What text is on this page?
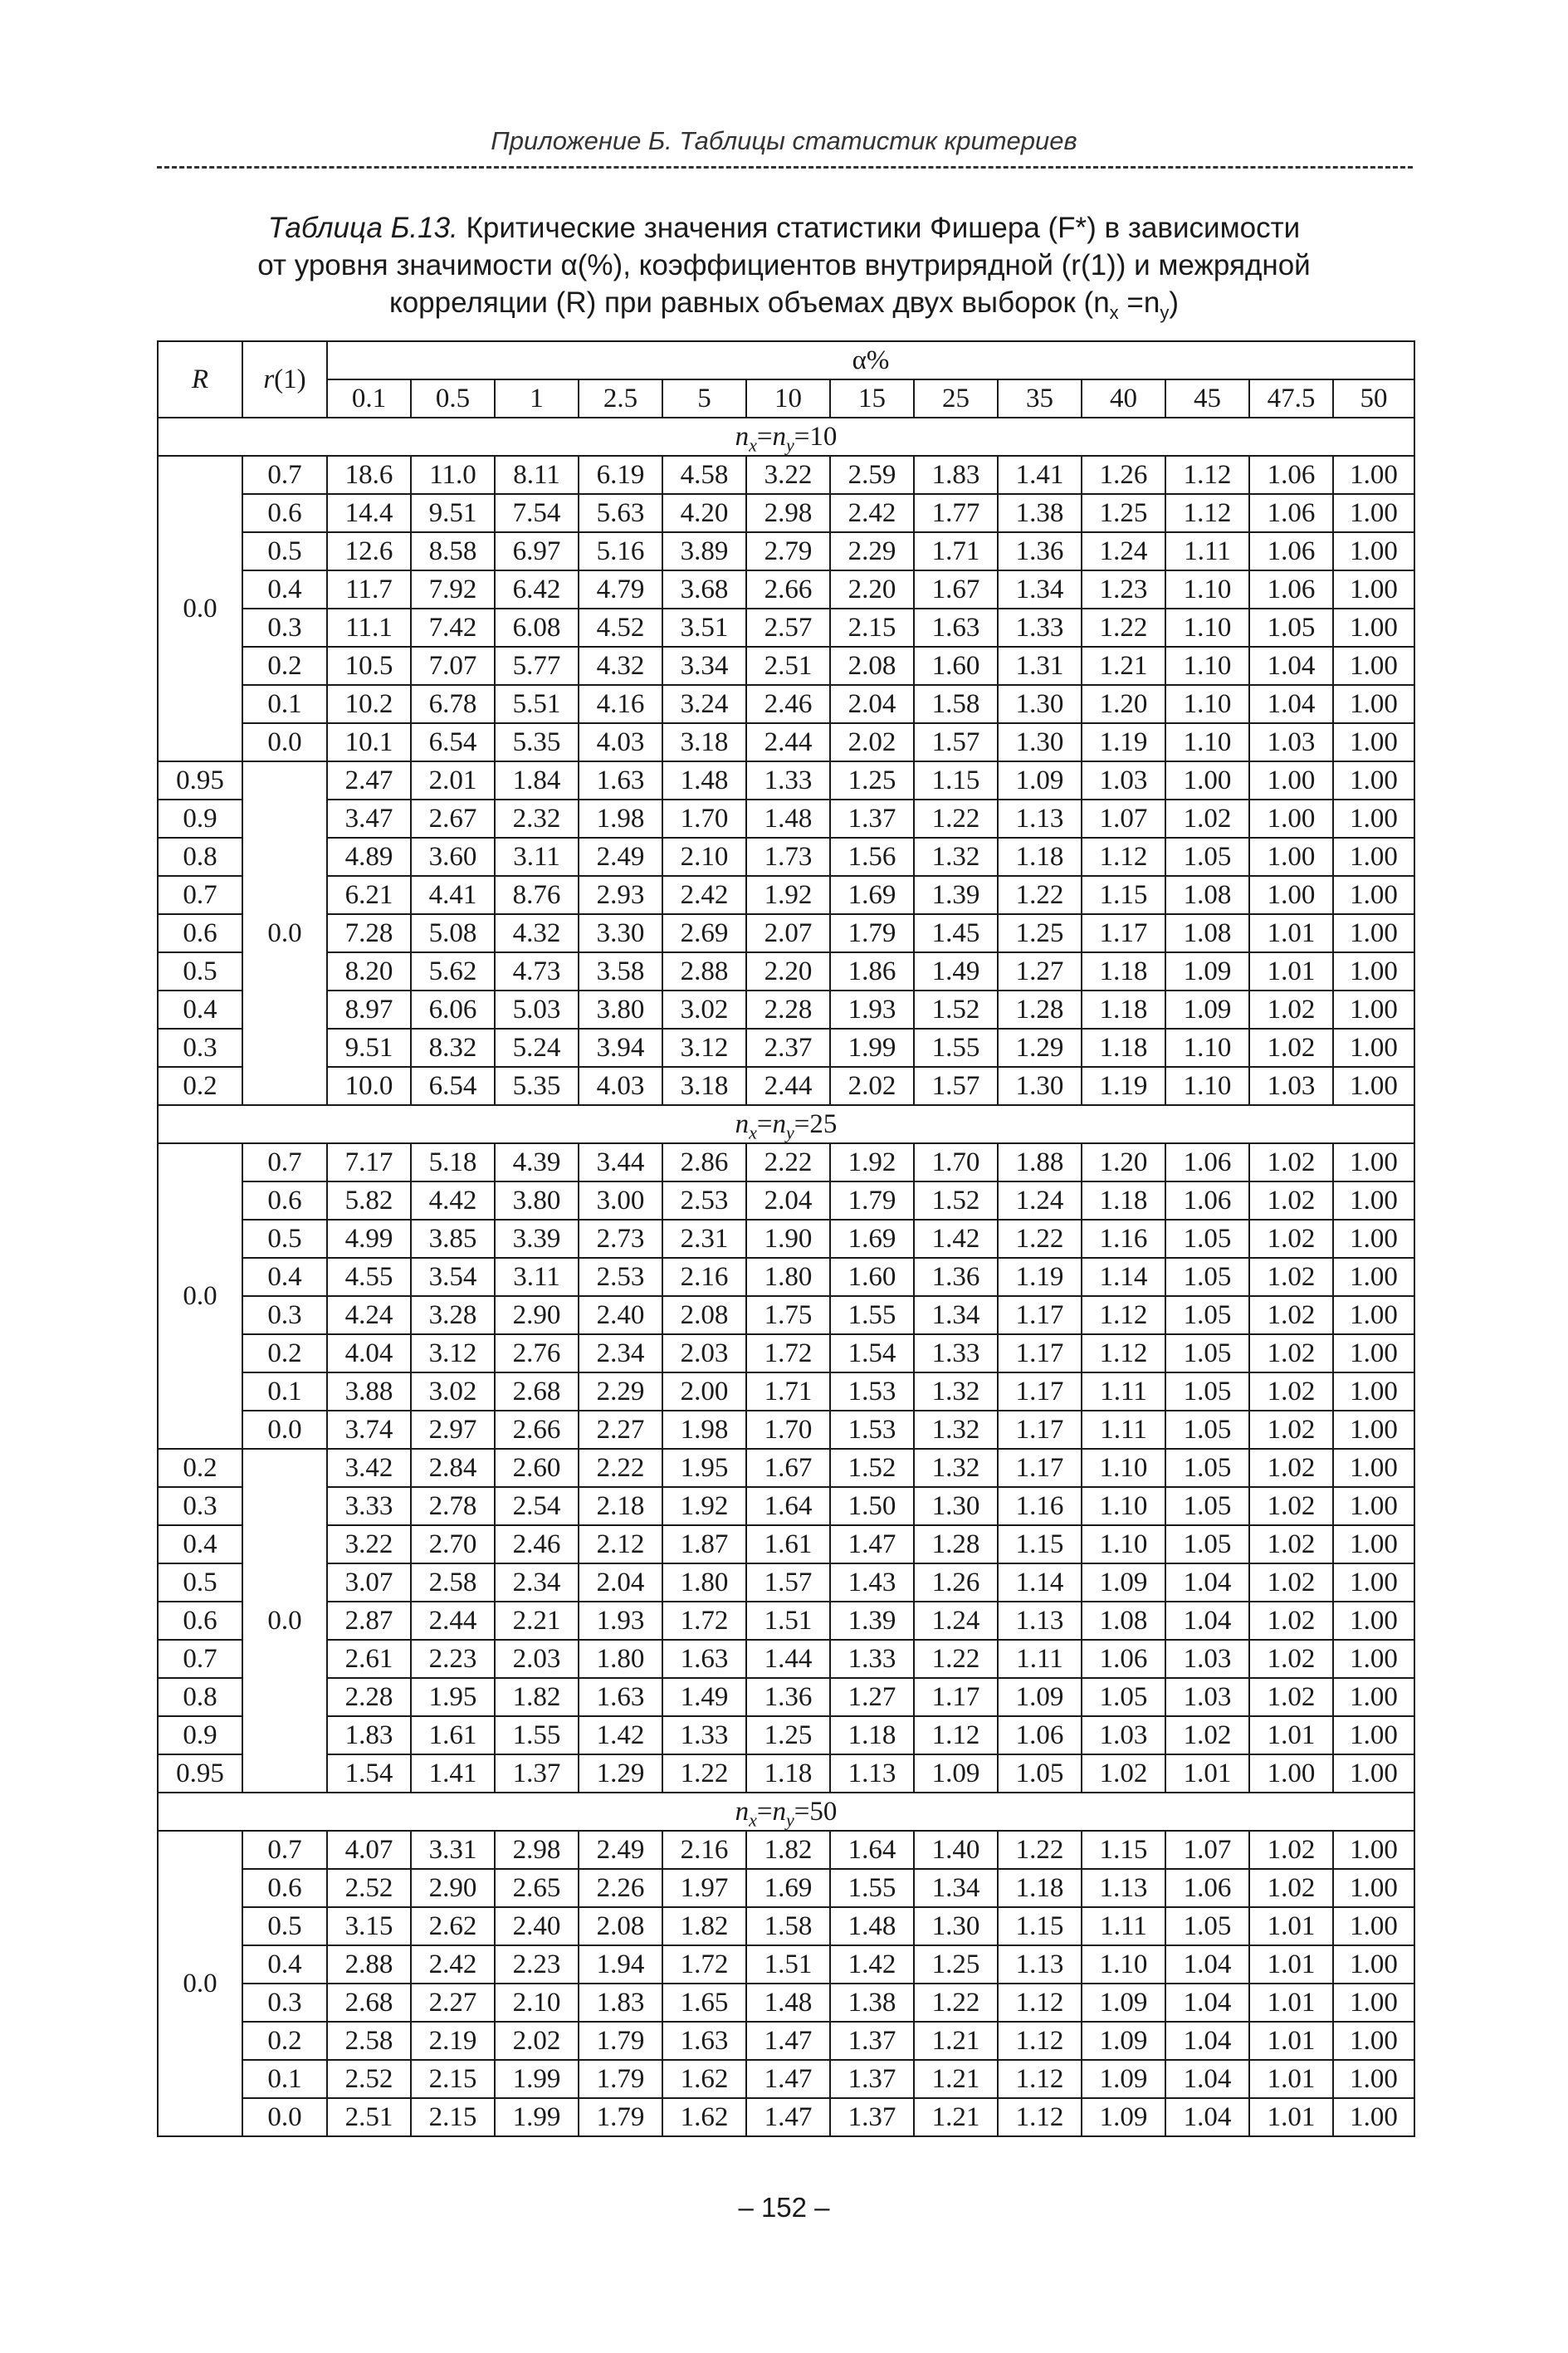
Приложение Б. Таблицы статистик критериев
Таблица Б.13. Критические значения статистики Фишера (F*) в зависимости
от уровня значимости α(%), коэффициентов внутрирядной (r(1)) и межрядной
корреляции (R) при равных объемах двух выборок $(n_x =n_y)$
R	r(1)	α%												
		0.1	0.5	1	2.5	5	10	15	25	35	40	45	47.5	50
$n_x=n_y=10$														
0.0	0.7	18.6	11.0	8.11	6.19	4.58	3.22	2.59	1.83	1.41	1.26	1.12	1.06	1.00
	0.6	14.4	9.51	7.54	5.63	4.20	2.98	2.42	1.77	1.38	1.25	1.12	1.06	1.00
	0.5	12.6	8.58	6.97	5.16	3.89	2.79	2.29	1.71	1.36	1.24	1.11	1.06	1.00
	0.4	11.7	7.92	6.42	4.79	3.68	2.66	2.20	1.67	1.34	1.23	1.10	1.06	1.00
	0.3	11.1	7.42	6.08	4.52	3.51	2.57	2.15	1.63	1.33	1.22	1.10	1.05	1.00
	0.2	10.5	7.07	5.77	4.32	3.34	2.51	2.08	1.60	1.31	1.21	1.10	1.04	1.00
	0.1	10.2	6.78	5.51	4.16	3.24	2.46	2.04	1.58	1.30	1.20	1.10	1.04	1.00
	0.0	10.1	6.54	5.35	4.03	3.18	2.44	2.02	1.57	1.30	1.19	1.10	1.03	1.00
0.95	0.0	2.47	2.01	1.84	1.63	1.48	1.33	1.25	1.15	1.09	1.03	1.00	1.00	1.00
0.9		3.47	2.67	2.32	1.98	1.70	1.48	1.37	1.22	1.13	1.07	1.02	1.00	1.00
0.8		4.89	3.60	3.11	2.49	2.10	1.73	1.56	1.32	1.18	1.12	1.05	1.00	1.00
0.7		6.21	4.41	8.76	2.93	2.42	1.92	1.69	1.39	1.22	1.15	1.08	1.00	1.00
0.6		7.28	5.08	4.32	3.30	2.69	2.07	1.79	1.45	1.25	1.17	1.08	1.01	1.00
0.5		8.20	5.62	4.73	3.58	2.88	2.20	1.86	1.49	1.27	1.18	1.09	1.01	1.00
0.4		8.97	6.06	5.03	3.80	3.02	2.28	1.93	1.52	1.28	1.18	1.09	1.02	1.00
0.3		9.51	8.32	5.24	3.94	3.12	2.37	1.99	1.55	1.29	1.18	1.10	1.02	1.00
0.2		10.0	6.54	5.35	4.03	3.18	2.44	2.02	1.57	1.30	1.19	1.10	1.03	1.00
$n_x=n_y=25$														
0.0	0.7	7.17	5.18	4.39	3.44	2.86	2.22	1.92	1.70	1.88	1.20	1.06	1.02	1.00
	0.6	5.82	4.42	3.80	3.00	2.53	2.04	1.79	1.52	1.24	1.18	1.06	1.02	1.00
	0.5	4.99	3.85	3.39	2.73	2.31	1.90	1.69	1.42	1.22	1.16	1.05	1.02	1.00
	0.4	4.55	3.54	3.11	2.53	2.16	1.80	1.60	1.36	1.19	1.14	1.05	1.02	1.00
	0.3	4.24	3.28	2.90	2.40	2.08	1.75	1.55	1.34	1.17	1.12	1.05	1.02	1.00
	0.2	4.04	3.12	2.76	2.34	2.03	1.72	1.54	1.33	1.17	1.12	1.05	1.02	1.00
	0.1	3.88	3.02	2.68	2.29	2.00	1.71	1.53	1.32	1.17	1.11	1.05	1.02	1.00
	0.0	3.74	2.97	2.66	2.27	1.98	1.70	1.53	1.32	1.17	1.11	1.05	1.02	1.00
0.2	0.0	3.42	2.84	2.60	2.22	1.95	1.67	1.52	1.32	1.17	1.10	1.05	1.02	1.00
0.3		3.33	2.78	2.54	2.18	1.92	1.64	1.50	1.30	1.16	1.10	1.05	1.02	1.00
0.4		3.22	2.70	2.46	2.12	1.87	1.61	1.47	1.28	1.15	1.10	1.05	1.02	1.00
0.5		3.07	2.58	2.34	2.04	1.80	1.57	1.43	1.26	1.14	1.09	1.04	1.02	1.00
0.6		2.87	2.44	2.21	1.93	1.72	1.51	1.39	1.24	1.13	1.08	1.04	1.02	1.00
0.7		2.61	2.23	2.03	1.80	1.63	1.44	1.33	1.22	1.11	1.06	1.03	1.02	1.00
0.8		2.28	1.95	1.82	1.63	1.49	1.36	1.27	1.17	1.09	1.05	1.03	1.02	1.00
0.9		1.83	1.61	1.55	1.42	1.33	1.25	1.18	1.12	1.06	1.03	1.02	1.01	1.00
0.95		1.54	1.41	1.37	1.29	1.22	1.18	1.13	1.09	1.05	1.02	1.01	1.00	1.00
$n_x=n_y=50$														
0.0	0.7	4.07	3.31	2.98	2.49	2.16	1.82	1.64	1.40	1.22	1.15	1.07	1.02	1.00
	0.6	2.52	2.90	2.65	2.26	1.97	1.69	1.55	1.34	1.18	1.13	1.06	1.02	1.00
	0.5	3.15	2.62	2.40	2.08	1.82	1.58	1.48	1.30	1.15	1.11	1.05	1.01	1.00
	0.4	2.88	2.42	2.23	1.94	1.72	1.51	1.42	1.25	1.13	1.10	1.04	1.01	1.00
	0.3	2.68	2.27	2.10	1.83	1.65	1.48	1.38	1.22	1.12	1.09	1.04	1.01	1.00
	0.2	2.58	2.19	2.02	1.79	1.63	1.47	1.37	1.21	1.12	1.09	1.04	1.01	1.00
	0.1	2.52	2.15	1.99	1.79	1.62	1.47	1.37	1.21	1.12	1.09	1.04	1.01	1.00
	0.0	2.51	2.15	1.99	1.79	1.62	1.47	1.37	1.21	1.12	1.09	1.04	1.01	1.00
– 152 –
